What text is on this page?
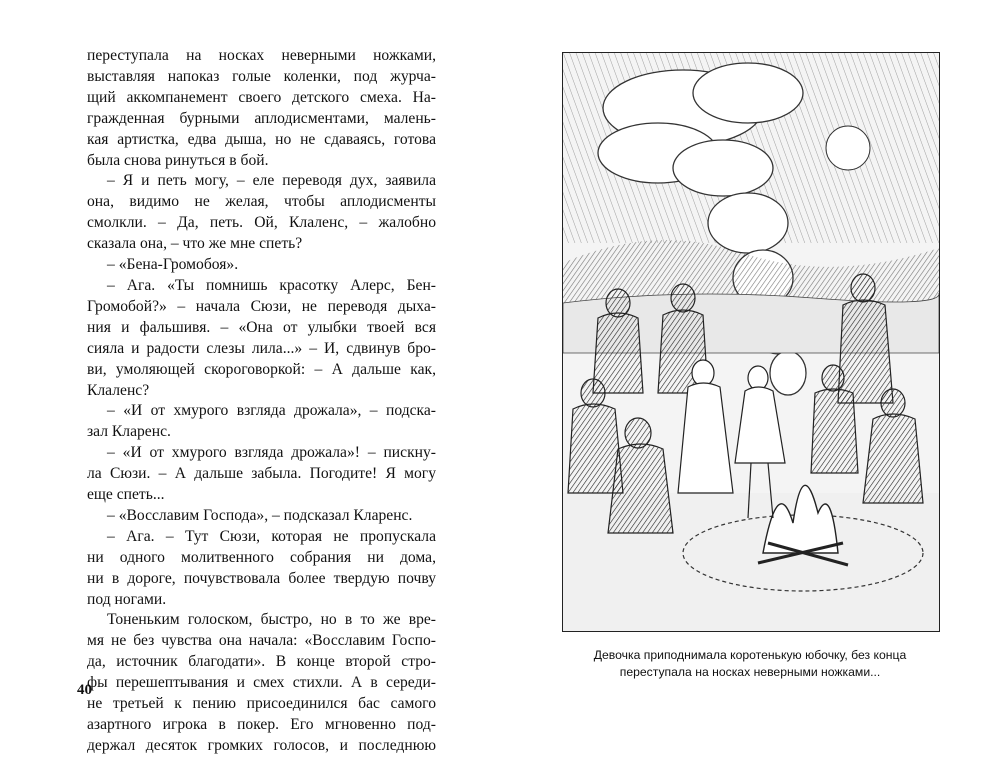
переступала на носках неверными ножками,
выставляя напоказ голые коленки, под журча-
щий аккомпанемент своего детского смеха. На-
гражденная бурными аплодисментами, малень-
кая артистка, едва дыша, но не сдаваясь, готова
была снова ринуться в бой.
– Я и петь могу, – еле переводя дух, заявила
она, видимо не желая, чтобы аплодисменты
смолкли. – Да, петь. Ой, Клаленс, – жалобно
сказала она, – что же мне спеть?
– «Бена-Громобоя».
– Ага. «Ты помнишь красотку Алерс, Бен-
Громобой?» – начала Сюзи, не переводя дыха-
ния и фальшивя. – «Она от улыбки твоей вся
сияла и радости слезы лила...» – И, сдвинув бро-
ви, умоляющей скороговоркой: – А дальше как,
Клаленс?
– «И от хмурого взгляда дрожала», – подска-
зал Кларенс.
– «И от хмурого взгляда дрожала»! – пискну-
ла Сюзи. – А дальше забыла. Погодите! Я могу
еще спеть...
– «Восславим Господа», – подсказал Кларенс.
– Ага. – Тут Сюзи, которая не пропускала
ни одного молитвенного собрания ни дома,
ни в дороге, почувствовала более твердую почву
под ногами.
Тоненьким голоском, быстро, но в то же вре-
мя не без чувства она начала: «Восславим Госпо-
да, источник благодати». В конце второй стро-
фы перешептывания и смех стихли. А в середи-
не третьей к пению присоединился бас самого
азартного игрока в покер. Его мгновенно под-
держал десяток громких голосов, и последнюю
40
Девочка приподнимала коротенькую юбочку, без конца
переступала на носках неверными ножками...
